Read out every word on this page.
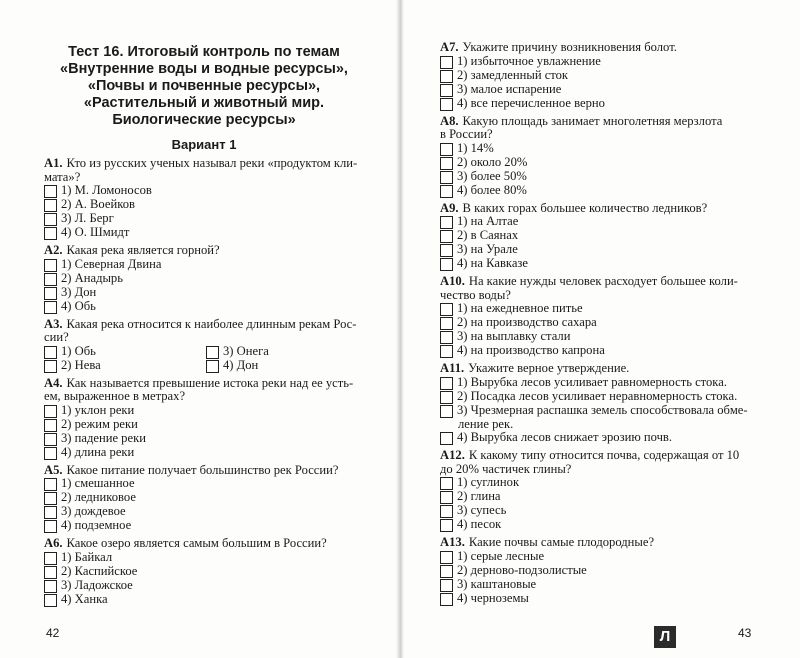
Тест 16. Итоговый контроль по темам
«Внутренние воды и водные ресурсы»,
«Почвы и почвенные ресурсы»,
«Растительный и животный мир.
Биологические ресурсы»
Вариант 1
А1. Кто из русских ученых называл реки «продуктом кли-
мата»?
1) М. Ломоносов
2) А. Воейков
3) Л. Берг
4) О. Шмидт
А2. Какая река является горной?
1) Северная Двина
2) Анадырь
3) Дон
4) Обь
А3. Какая река относится к наиболее длинным рекам Рос-
сии?
1) Обь	3) Онега
2) Нева	4) Дон
А4. Как называется превышение истока реки над ее усть-
ем, выраженное в метрах?
1) уклон реки
2) режим реки
3) падение реки
4) длина реки
А5. Какое питание получает большинство рек России?
1) смешанное
2) ледниковое
3) дождевое
4) подземное
А6. Какое озеро является самым большим в России?
1) Байкал
2) Каспийское
3) Ладожское
4) Ханка
А7. Укажите причину возникновения болот.
1) избыточное увлажнение
2) замедленный сток
3) малое испарение
4) все перечисленное верно
А8. Какую площадь занимает многолетняя мерзлота
в России?
1) 14%
2) около 20%
3) более 50%
4) более 80%
А9. В каких горах большее количество ледников?
1) на Алтае
2) в Саянах
3) на Урале
4) на Кавказе
А10. На какие нужды человек расходует большее коли-
чество воды?
1) на ежедневное питье
2) на производство сахара
3) на выплавку стали
4) на производство капрона
А11. Укажите верное утверждение.
1) Вырубка лесов усиливает равномерность стока.
2) Посадка лесов усиливает неравномерность стока.
3) Чрезмерная распашка земель способствовала обме-
ление рек.
4) Вырубка лесов снижает эрозию почв.
А12. К какому типу относится почва, содержащая от 10
до 20% частичек глины?
1) суглинок
2) глина
3) супесь
4) песок
А13. Какие почвы самые плодородные?
1) серые лесные
2) дерново-подзолистые
3) каштановые
4) черноземы
42	43
Л
